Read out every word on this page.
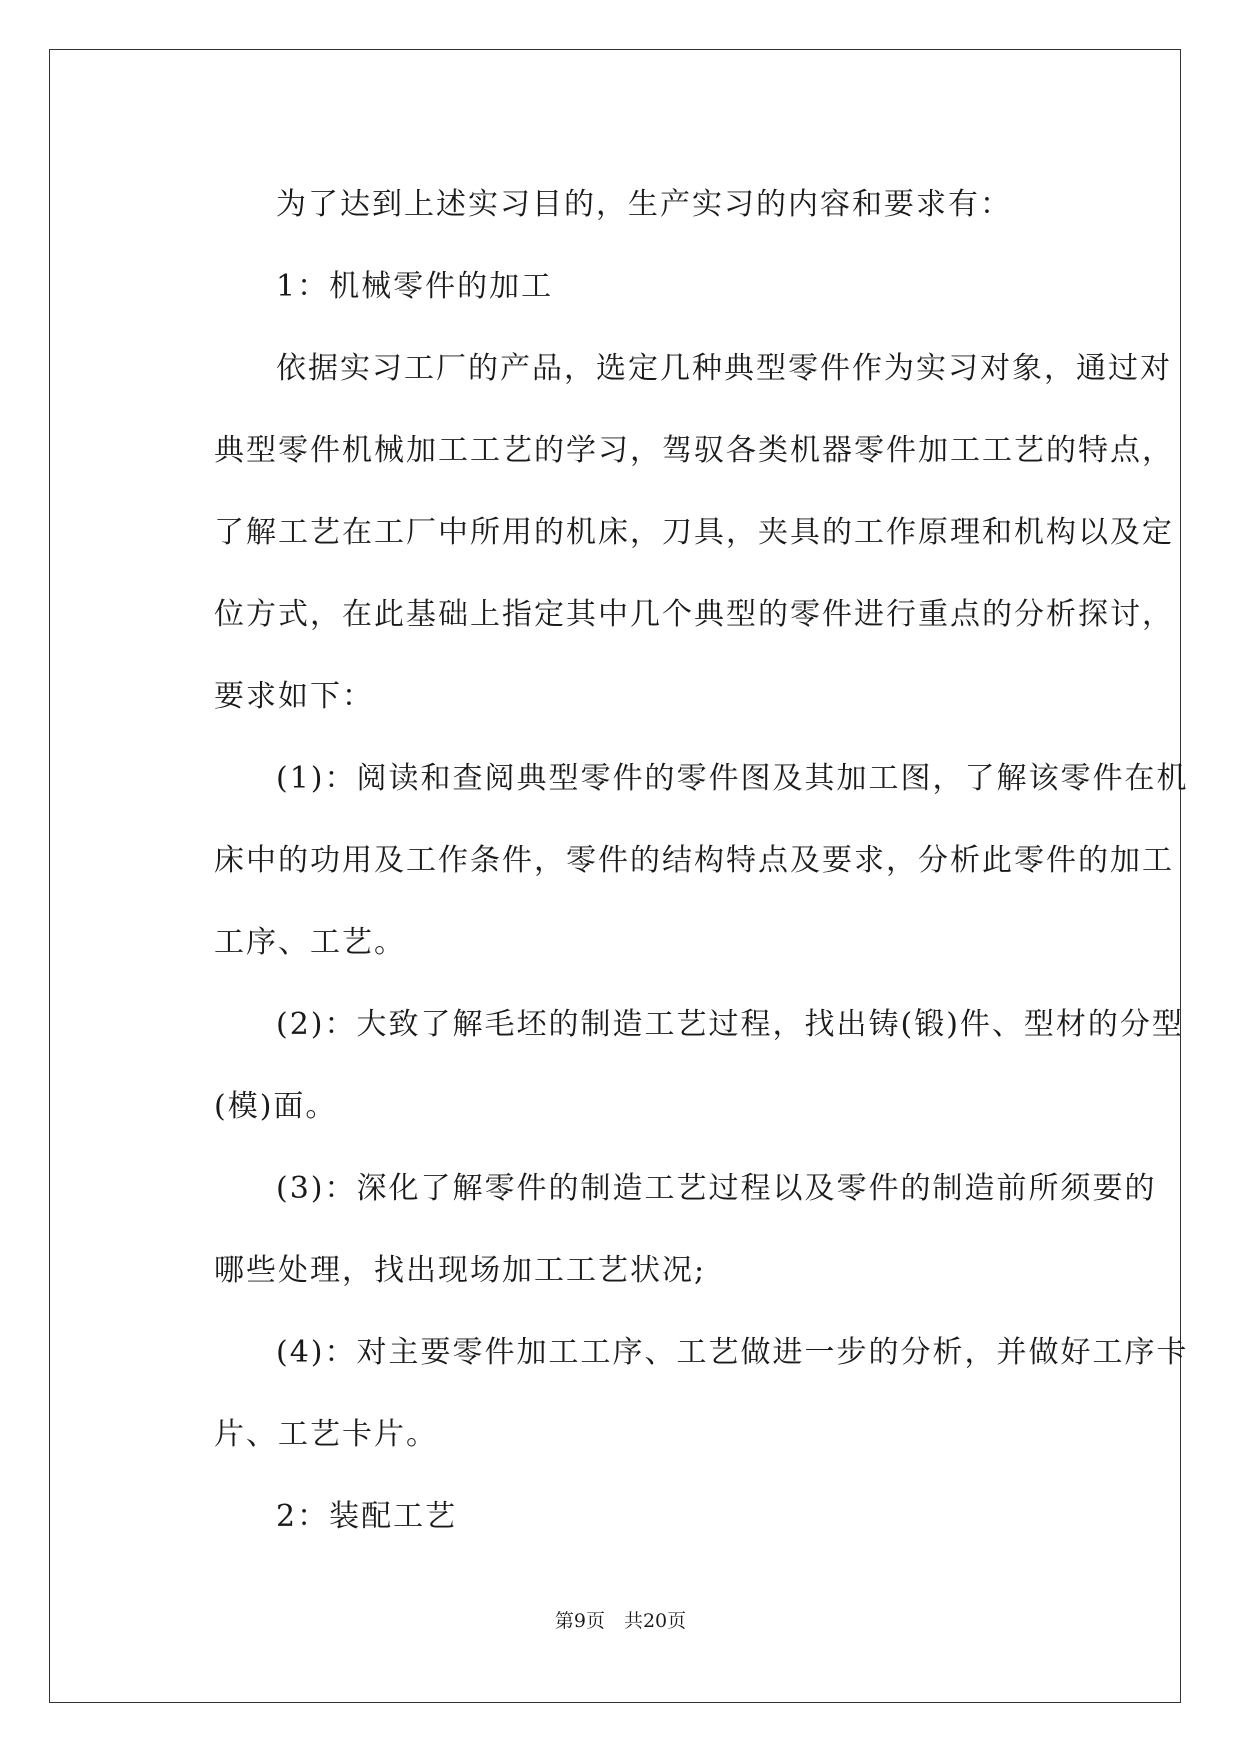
为了达到上述实习目的，生产实习的内容和要求有：
1：机械零件的加工
依据实习工厂的产品，选定几种典型零件作为实习对象，通过对
典型零件机械加工工艺的学习，驾驭各类机器零件加工工艺的特点，
了解工艺在工厂中所用的机床，刀具，夹具的工作原理和机构以及定
位方式，在此基础上指定其中几个典型的零件进行重点的分析探讨，
要求如下：
(1)：阅读和查阅典型零件的零件图及其加工图，了解该零件在机
床中的功用及工作条件，零件的结构特点及要求，分析此零件的加工
工序、工艺。
(2)：大致了解毛坯的制造工艺过程，找出铸(锻)件、型材的分型
(模)面。
(3)：深化了解零件的制造工艺过程以及零件的制造前所须要的
哪些处理，找出现场加工工艺状况;
(4)：对主要零件加工工序、工艺做进一步的分析，并做好工序卡
片、工艺卡片。
2：装配工艺
第9页　共20页
